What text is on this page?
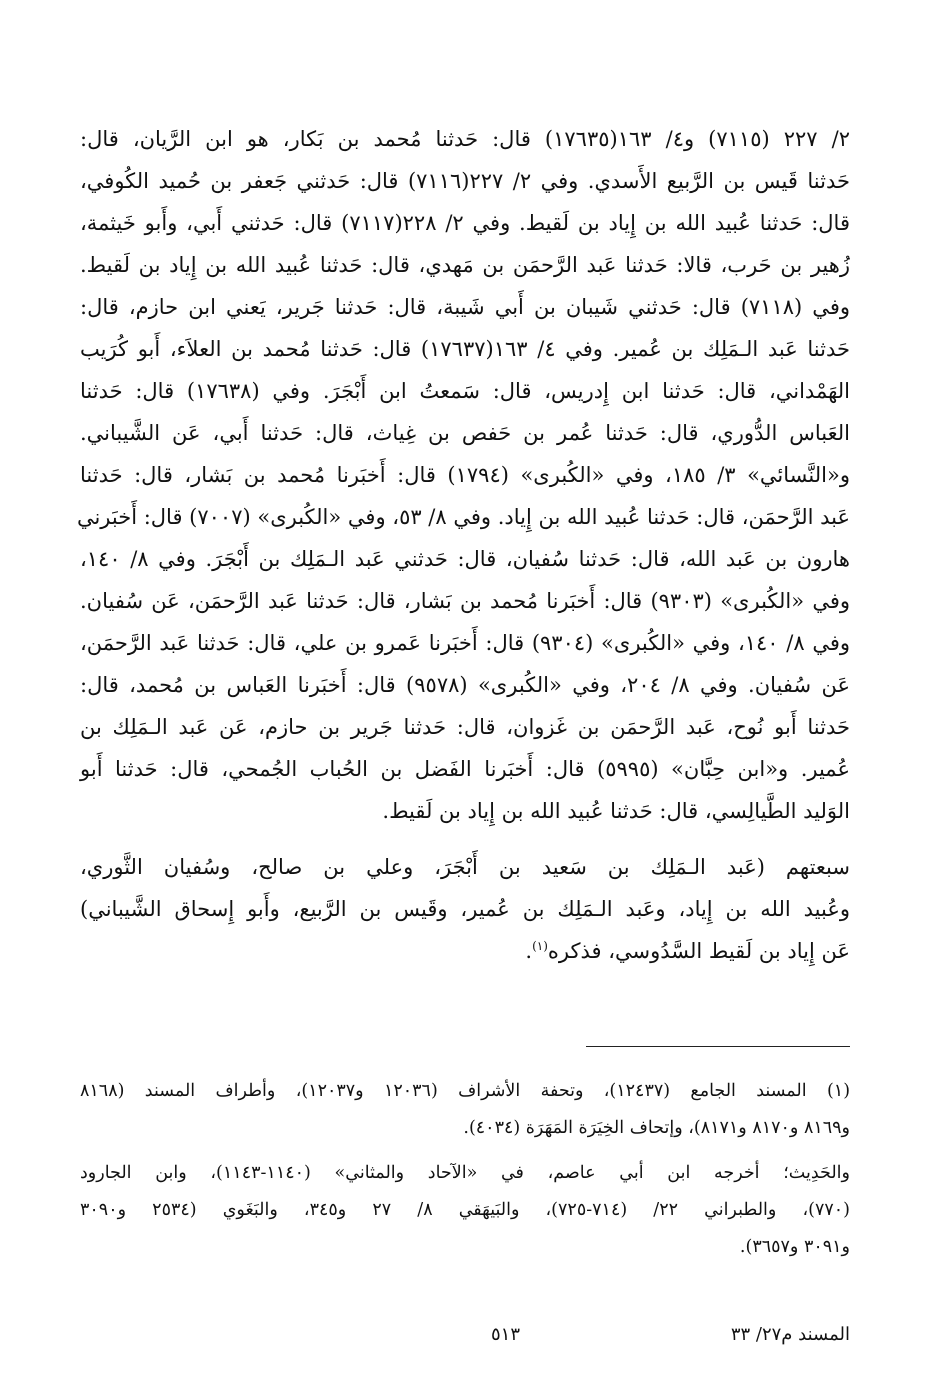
٢/ ٢٢٧ (٧١١٥) و٤/ ١٦٣(١٧٦٣٥) قال: حَدثنا مُحمد بن بَكار، هو ابن الرَّيان، قال:
حَدثنا قَيس بن الرَّبيع الأَسدي. وفي ٢/ ٢٢٧(٧١١٦) قال: حَدثني جَعفر بن حُميد الكُوفي،
قال: حَدثنا عُبيد الله بن إِياد بن لَقيط. وفي ٢/ ٢٢٨(٧١١٧) قال: حَدثني أَبي، وأَبو خَيثمة،
زُهير بن حَرب، قالا: حَدثنا عَبد الرَّحمَن بن مَهدي، قال: حَدثنا عُبيد الله بن إِياد بن لَقيط.
وفي (٧١١٨) قال: حَدثني شَيبان بن أَبي شَيبة، قال: حَدثنا جَرير، يَعني ابن حازم، قال:
حَدثنا عَبد الـمَلِك بن عُمير. وفي ٤/ ١٦٣(١٧٦٣٧) قال: حَدثنا مُحمد بن العلاَء، أَبو كُرَيب
الهَمْداني، قال: حَدثنا ابن إِدريس، قال: سَمعتُ ابن أَبْجَرَ. وفي (١٧٦٣٨) قال: حَدثنا
العَباس الدُّوري، قال: حَدثنا عُمر بن حَفص بن غِياث، قال: حَدثنا أَبي، عَن الشَّيباني.
و«النَّسائي» ٣/ ١٨٥، وفي «الكُبرى» (١٧٩٤) قال: أَخبَرنا مُحمد بن بَشار، قال: حَدثنا
عَبد الرَّحمَن، قال: حَدثنا عُبيد الله بن إِياد. وفي ٨/ ٥٣، وفي «الكُبرى» (٧٠٠٧) قال: أَخبَرني
هارون بن عَبد الله، قال: حَدثنا سُفيان، قال: حَدثني عَبد الـمَلِك بن أَبْجَرَ. وفي ٨/ ١٤٠،
وفي «الكُبرى» (٩٣٠٣) قال: أَخبَرنا مُحمد بن بَشار، قال: حَدثنا عَبد الرَّحمَن، عَن سُفيان.
وفي ٨/ ١٤٠، وفي «الكُبرى» (٩٣٠٤) قال: أَخبَرنا عَمرو بن علي، قال: حَدثنا عَبد الرَّحمَن،
عَن سُفيان. وفي ٨/ ٢٠٤، وفي «الكُبرى» (٩٥٧٨) قال: أَخبَرنا العَباس بن مُحمد، قال:
حَدثنا أَبو نُوح، عَبد الرَّحمَن بن غَزوان، قال: حَدثنا جَرير بن حازم، عَن عَبد الـمَلِك بن
عُمير. و«ابن حِبَّان» (٥٩٩٥) قال: أَخبَرنا الفَضل بن الحُباب الجُمحي، قال: حَدثنا أَبو
الوَليد الطَّيالِسي، قال: حَدثنا عُبيد الله بن إِياد بن لَقيط.
سبعتهم (عَبد الـمَلِك بن سَعيد بن أَبْجَرَ، وعلي بن صالح، وسُفيان الثَّوري،
وعُبيد الله بن إِياد، وعَبد الـمَلِك بن عُمير، وقَيس بن الرَّبيع، وأَبو إِسحاق الشَّيباني)
عَن إِياد بن لَقيط السَّدُوسي، فذكره$^{(١)}$.
(١) المسند الجامع (١٢٤٣٧)، وتحفة الأشراف (١٢٠٣٦ و١٢٠٣٧)، وأطراف المسند (٨١٦٨
و٨١٦٩ و٨١٧٠ و٨١٧١)، وإتحاف الخِيَرَة المَهَرَة (٤٠٣٤).
والحَدِيث؛ أخرجه ابن أبي عاصم، في «الآحاد والمثاني» (١١٤٠-١١٤٣)، وابن الجارود
(٧٧٠)، والطبراني ٢٢/ (٧١٤-٧٢٥)، والبَيهَقي ٨/ ٢٧ و٣٤٥، والبَغَوي (٢٥٣٤ و٣٠٩٠
و٣٠٩١ و٣٦٥٧).
المسند م٢٧/ ٣٣
٥١٣
